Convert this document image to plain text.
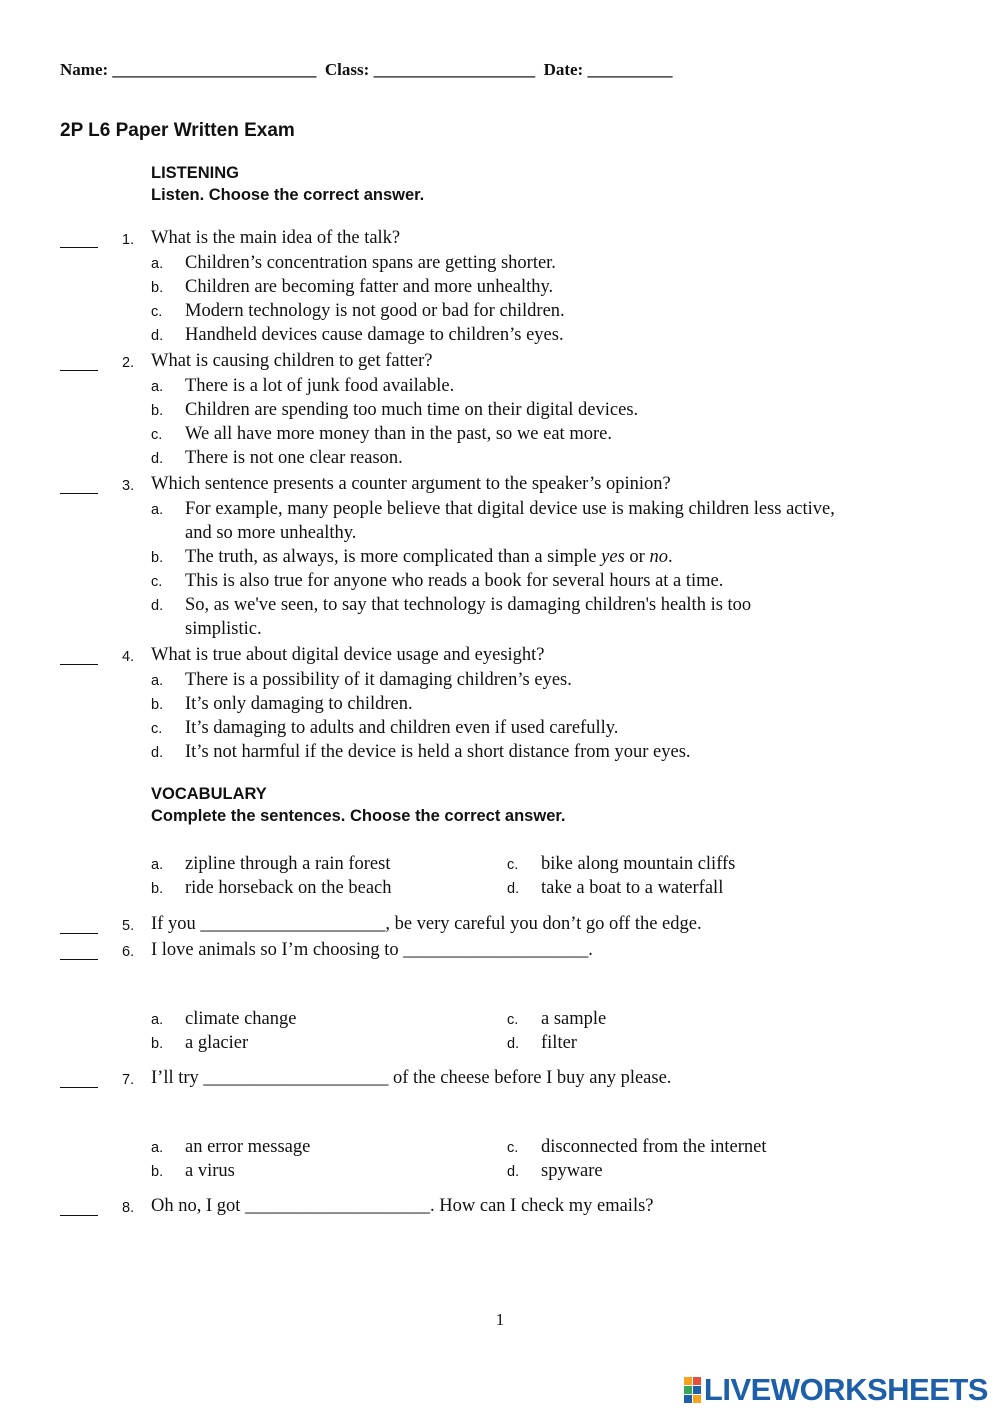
Name: ________________________ Class: ___________________ Date: __________
2P L6 Paper Written Exam
LISTENING
Listen. Choose the correct answer.
1. What is the main idea of the talk?
a. Children’s concentration spans are getting shorter.
b. Children are becoming fatter and more unhealthy.
c. Modern technology is not good or bad for children.
d. Handheld devices cause damage to children’s eyes.
2. What is causing children to get fatter?
a. There is a lot of junk food available.
b. Children are spending too much time on their digital devices.
c. We all have more money than in the past, so we eat more.
d. There is not one clear reason.
3. Which sentence presents a counter argument to the speaker’s opinion?
a. For example, many people believe that digital device use is making children less active, and so more unhealthy.
b. The truth, as always, is more complicated than a simple yes or no.
c. This is also true for anyone who reads a book for several hours at a time.
d. So, as we've seen, to say that technology is damaging children's health is too simplistic.
4. What is true about digital device usage and eyesight?
a. There is a possibility of it damaging children’s eyes.
b. It’s only damaging to children.
c. It’s damaging to adults and children even if used carefully.
d. It’s not harmful if the device is held a short distance from your eyes.
VOCABULARY
Complete the sentences. Choose the correct answer.
a. zipline through a rain forest
b. ride horseback on the beach
c. bike along mountain cliffs
d. take a boat to a waterfall
5. If you ____________________, be very careful you don’t go off the edge.
6. I love animals so I’m choosing to ____________________.
a. climate change
b. a glacier
c. a sample
d. filter
7. I’ll try ____________________ of the cheese before I buy any please.
a. an error message
b. a virus
c. disconnected from the internet
d. spyware
8. Oh no, I got ____________________. How can I check my emails?
1
LIVEWORKSHEETS
